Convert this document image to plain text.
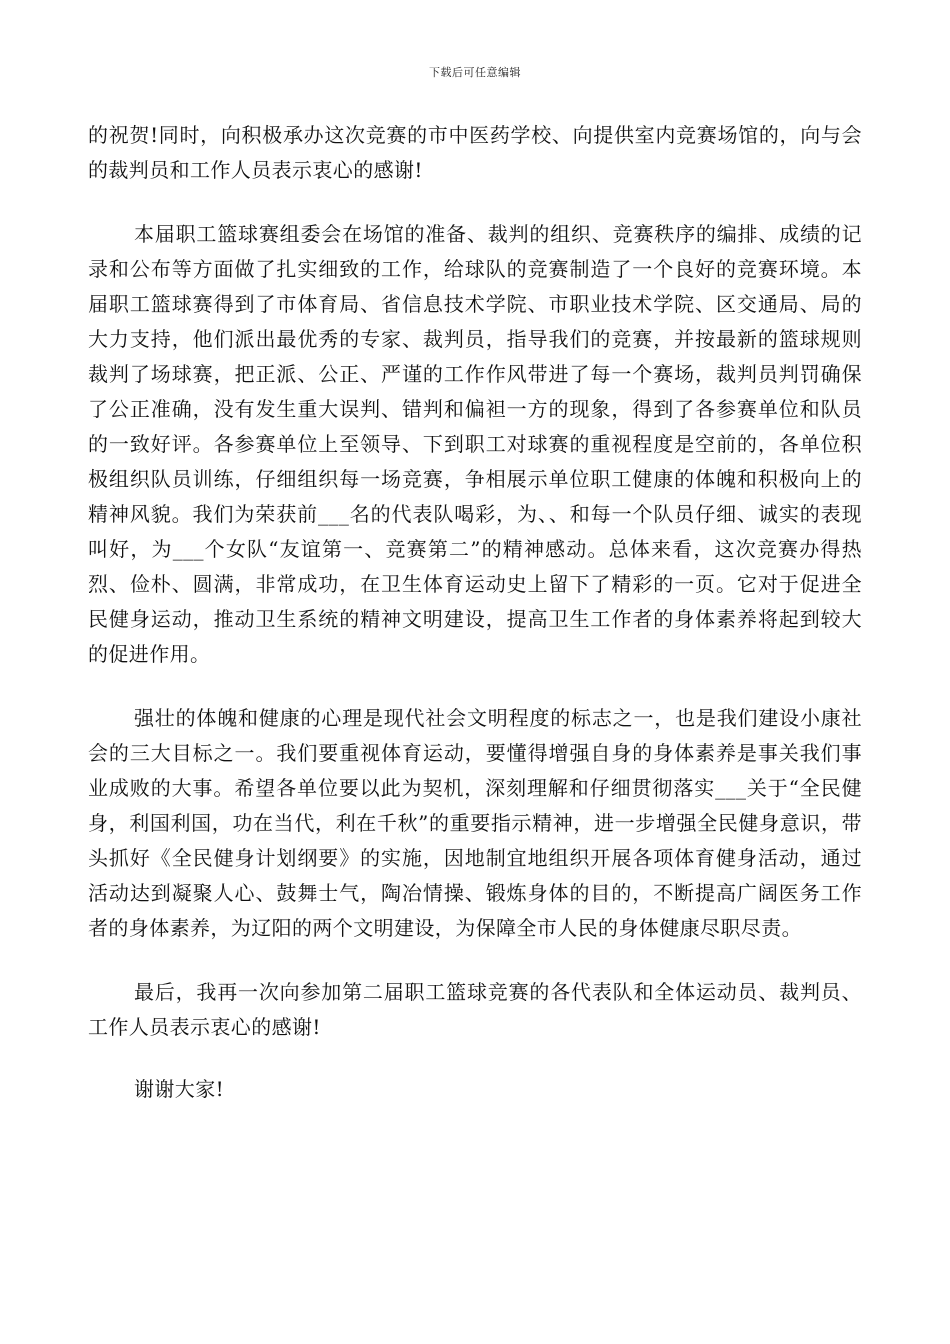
下载后可任意编辑

的祝贺!同时，向积极承办这次竞赛的市中医药学校、向提供室内竞赛场馆的，向与会的裁判员和工作人员表示衷心的感谢!

本届职工篮球赛组委会在场馆的准备、裁判的组织、竞赛秩序的编排、成绩的记录和公布等方面做了扎实细致的工作，给球队的竞赛制造了一个良好的竞赛环境。本届职工篮球赛得到了市体育局、省信息技术学院、市职业技术学院、区交通局、局的大力支持，他们派出最优秀的专家、裁判员，指导我们的竞赛，并按最新的篮球规则裁判了场球赛，把正派、公正、严谨的工作作风带进了每一个赛场，裁判员判罚确保了公正准确，没有发生重大误判、错判和偏袒一方的现象，得到了各参赛单位和队员的一致好评。各参赛单位上至领导、下到职工对球赛的重视程度是空前的，各单位积极组织队员训练，仔细组织每一场竞赛，争相展示单位职工健康的体魄和积极向上的精神风貌。我们为荣获前___名的代表队喝彩，为、、和每一个队员仔细、诚实的表现叫好，为___个女队“友谊第一、竞赛第二”的精神感动。总体来看，这次竞赛办得热烈、俭朴、圆满，非常成功，在卫生体育运动史上留下了精彩的一页。它对于促进全民健身运动，推动卫生系统的精神文明建设，提高卫生工作者的身体素养将起到较大的促进作用。

强壮的体魄和健康的心理是现代社会文明程度的标志之一，也是我们建设小康社会的三大目标之一。我们要重视体育运动，要懂得增强自身的身体素养是事关我们事业成败的大事。希望各单位要以此为契机，深刻理解和仔细贯彻落实___关于“全民健身，利国利国，功在当代，利在千秋”的重要指示精神，进一步增强全民健身意识，带头抓好《全民健身计划纲要》的实施，因地制宜地组织开展各项体育健身活动，通过活动达到凝聚人心、鼓舞士气，陶冶情操、锻炼身体的目的，不断提高广阔医务工作者的身体素养，为辽阳的两个文明建设，为保障全市人民的身体健康尽职尽责。

最后，我再一次向参加第二届职工篮球竞赛的各代表队和全体运动员、裁判员、工作人员表示衷心的感谢!

谢谢大家!
